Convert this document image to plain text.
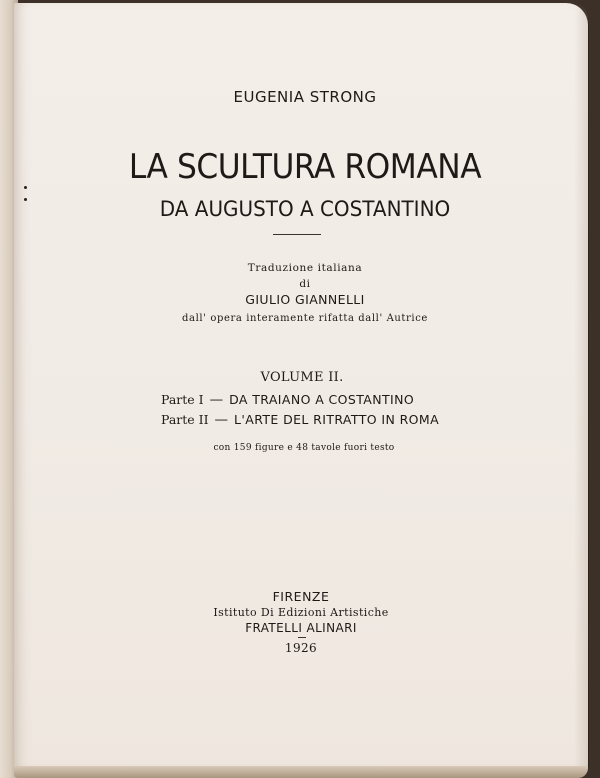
EUGENIA STRONG
LA SCULTURA ROMANA
DA AUGUSTO A COSTANTINO
Traduzione italiana
di
GIULIO GIANNELLI
dall' opera interamente rifatta dall' Autrice
VOLUME II.
Parte I — DA TRAIANO A COSTANTINO
Parte II — L'ARTE DEL RITRATTO IN ROMA
con 159 figure e 48 tavole fuori testo
FIRENZE
Istituto Di Edizioni Artistiche
FRATELLI ALINARI
1926
